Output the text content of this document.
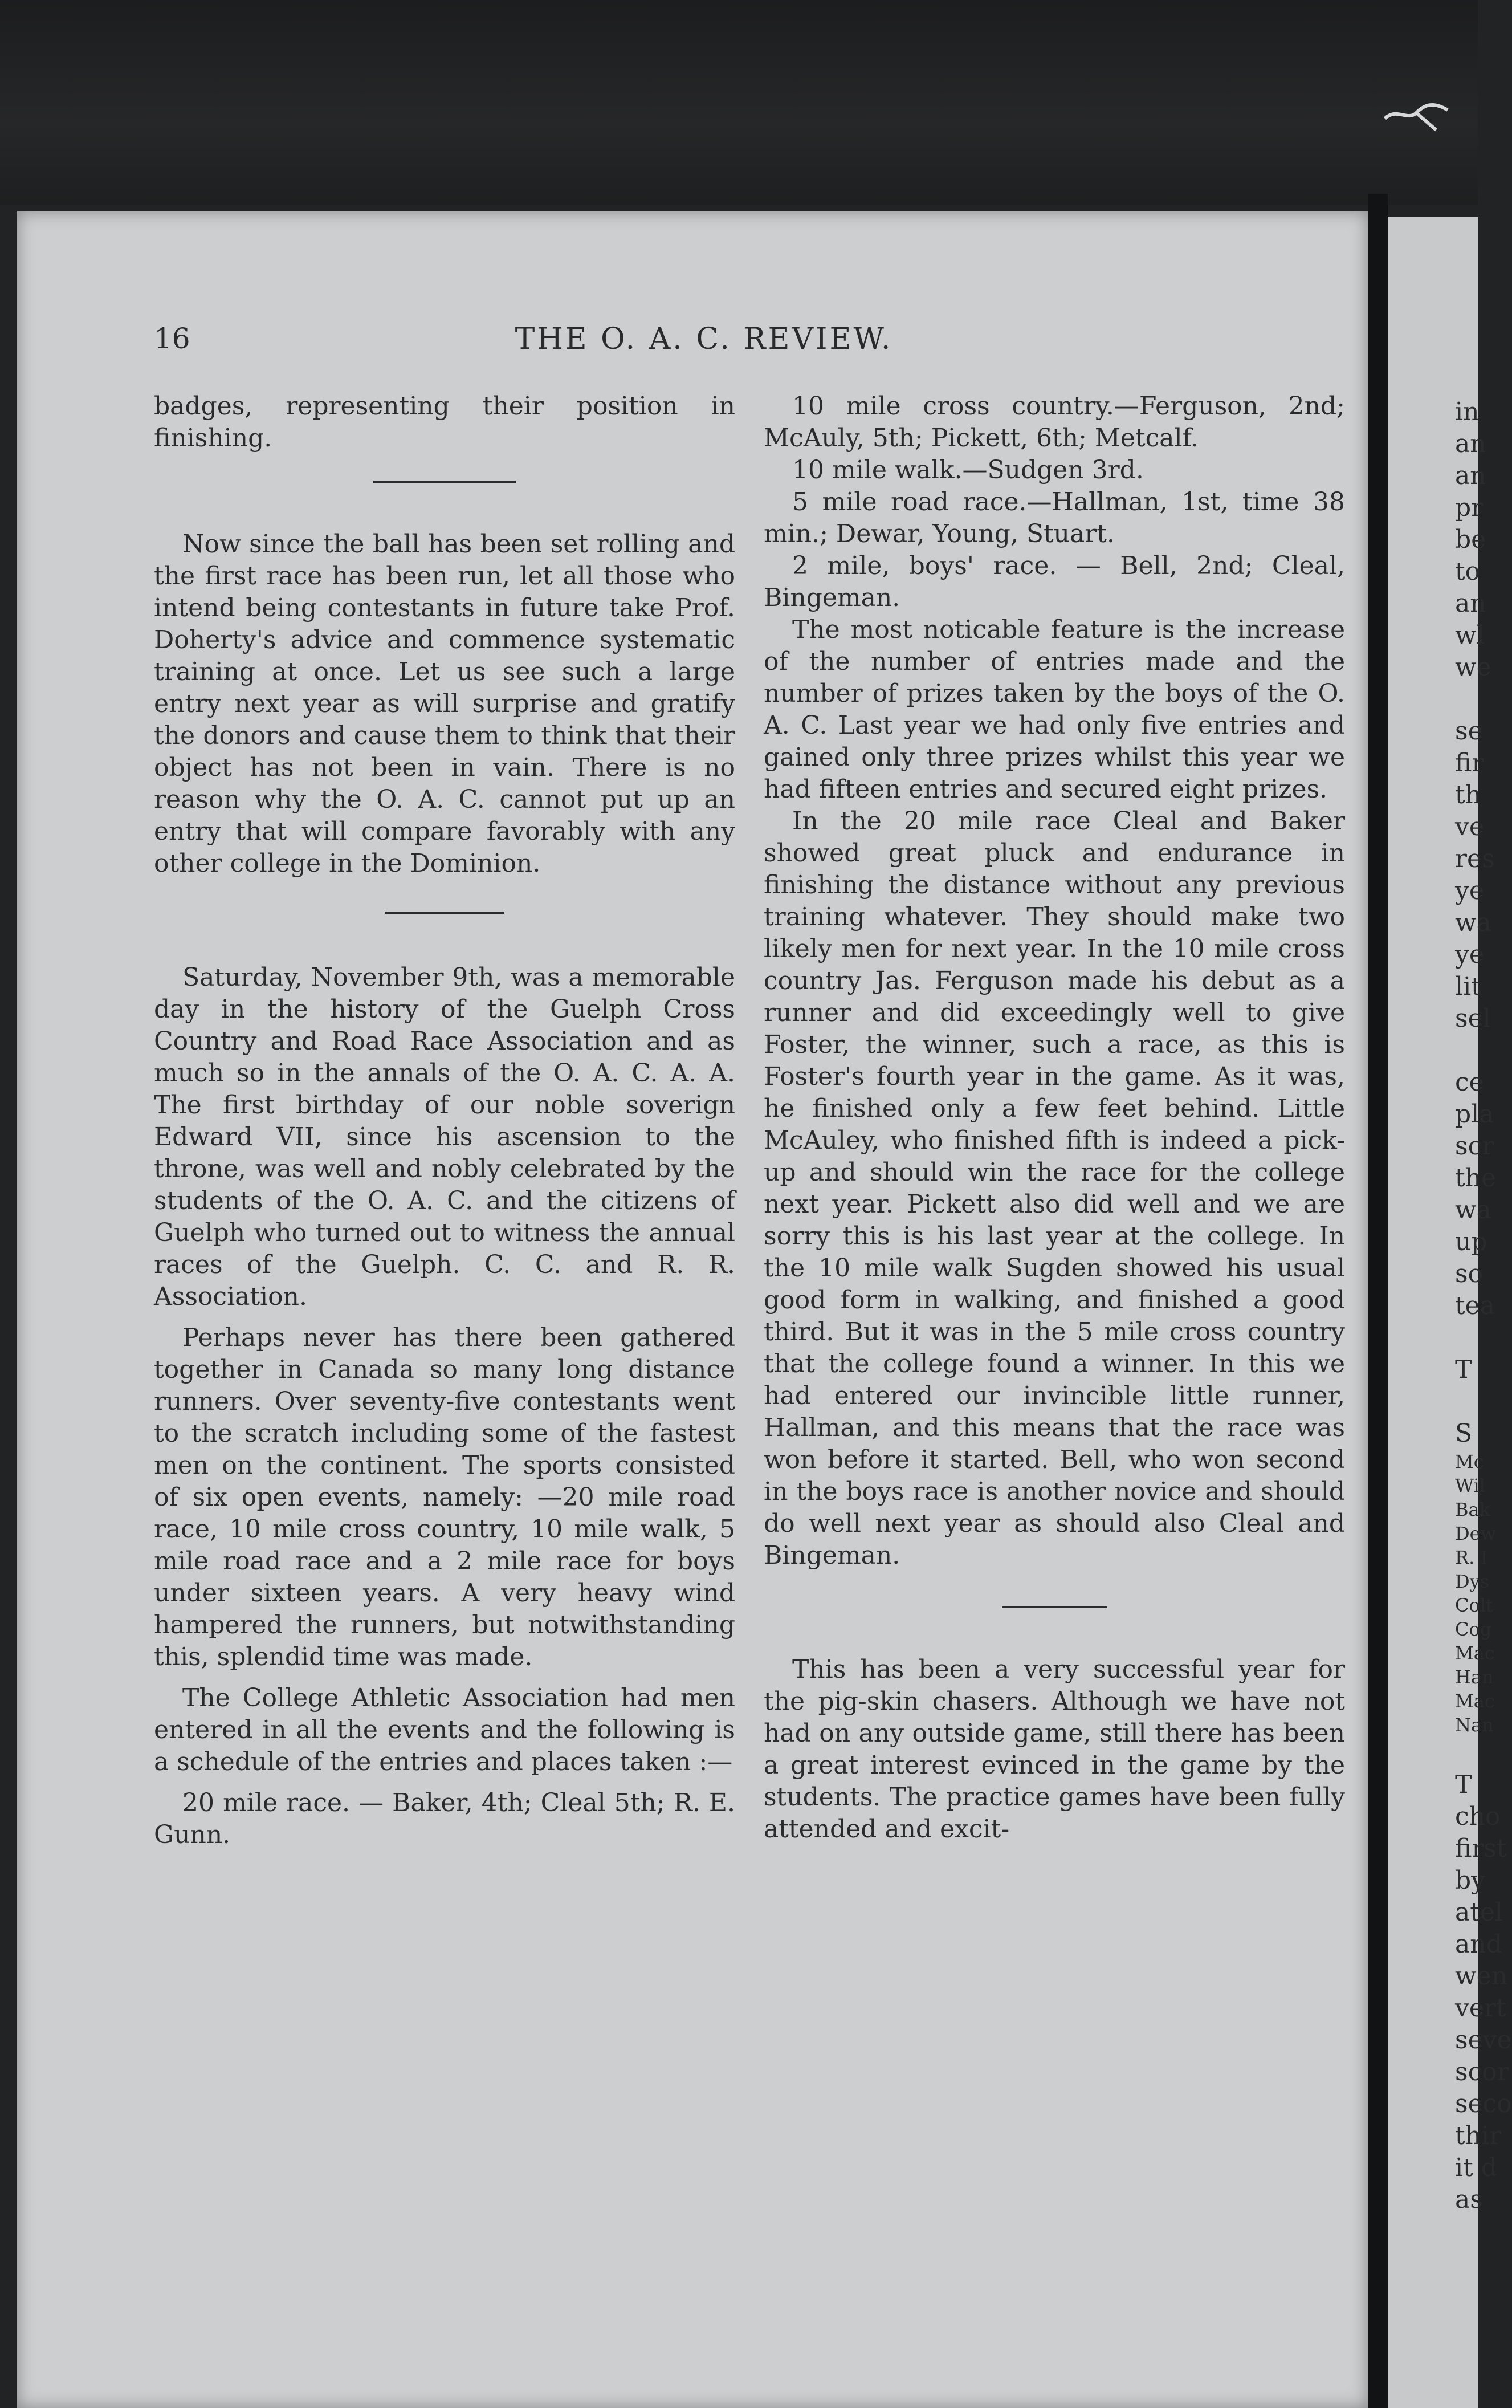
16	THE O. A. C. REVIEW.

badges, representing their position in finishing.

Now since the ball has been set rolling and the first race has been run, let all those who intend being contestants in future take Prof. Doherty's advice and commence systematic training at once. Let us see such a large entry next year as will surprise and gratify the donors and cause them to think that their object has not been in vain. There is no reason why the O. A. C. cannot put up an entry that will compare favorably with any other college in the Dominion.

Saturday, November 9th, was a memorable day in the history of the Guelph Cross Country and Road Race Association and as much so in the annals of the O. A. C. A. A. The first birthday of our noble soverign Edward VII, since his ascension to the throne, was well and nobly celebrated by the students of the O. A. C. and the citizens of Guelph who turned out to witness the annual races of the Guelph. C. C. and R. R. Association.

Perhaps never has there been gathered together in Canada so many long distance runners. Over seventy-five contestants went to the scratch including some of the fastest men on the continent. The sports consisted of six open events, namely: —20 mile road race, 10 mile cross country, 10 mile walk, 5 mile road race and a 2 mile race for boys under sixteen years. A very heavy wind hampered the runners, but notwithstanding this, splendid time was made.

The College Athletic Association had men entered in all the events and the following is a schedule of the entries and places taken :—

20 mile race. — Baker, 4th; Cleal 5th; R. E. Gunn.

10 mile cross country.—Ferguson, 2nd; McAuly, 5th; Pickett, 6th; Metcalf.

10 mile walk.—Sudgen 3rd.

5 mile road race.—Hallman, 1st, time 38 min.; Dewar, Young, Stuart.

2 mile, boys' race. — Bell, 2nd; Cleal, Bingeman.

The most noticable feature is the increase of the number of entries made and the number of prizes taken by the boys of the O. A. C. Last year we had only five entries and gained only three prizes whilst this year we had fifteen entries and secured eight prizes.

In the 20 mile race Cleal and Baker showed great pluck and endurance in finishing the distance without any previous training whatever. They should make two likely men for next year. In the 10 mile cross country Jas. Ferguson made his debut as a runner and did exceedingly well to give Foster, the winner, such a race, as this is Foster's fourth year in the game. As it was, he finished only a few feet behind. Little McAuley, who finished fifth is indeed a pick-up and should win the race for the college next year. Pickett also did well and we are sorry this is his last year at the college. In the 10 mile walk Sugden showed his usual good form in walking, and finished a good third. But it was in the 5 mile cross country that the college found a winner. In this we had entered our invincible little runner, Hallman, and this means that the race was won before it started. Bell, who won second in the boys race is another novice and should do well next year as should also Cleal and Bingeman.

This has been a very successful year for the pig-skin chasers. Although we have not had on any outside game, still there has been a great interest evinced in the game by the students. The practice games have been fully attended and excit-

in
an
an
pr
be
to
an
wl
we
se
fir
th
ve
res
ye
wa
ye
lit
sel
ce
pla
scr
the
wa
up
so
tea
T
S
Mc
Wil
Bak
Dew
R. I
Dys
Colt
Cog
Mac
Han
Mac
Nan
T
cho
first
by
atel
and
wen
vert
seve
scor
seco
thir
it d
as
